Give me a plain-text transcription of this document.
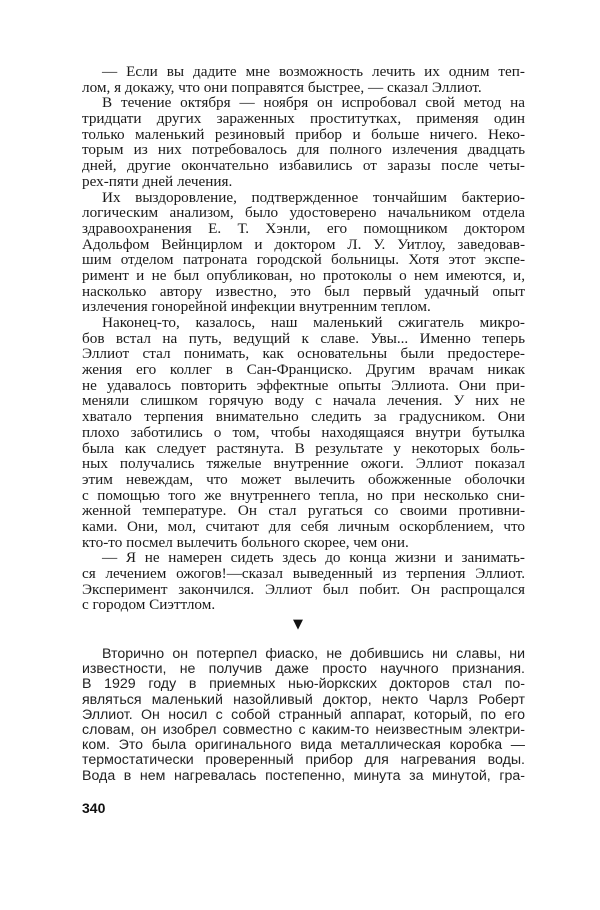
— Если вы дадите мне возможность лечить их одним теп-
лом, я докажу, что они поправятся быстрее, — сказал Эллиот.
В течение октября — ноября он испробовал свой метод на
тридцати других зараженных проститутках, применяя один
только маленький резиновый прибор и больше ничего. Неко-
торым из них потребовалось для полного излечения двадцать
дней, другие окончательно избавились от заразы после четы-
рех-пяти дней лечения.
Их выздоровление, подтвержденное тончайшим бактерио-
логическим анализом, было удостоверено начальником отдела
здравоохранения Е. Т. Хэнли, его помощником доктором
Адольфом Вейнцирлом и доктором Л. У. Уитлоу, заведовав-
шим отделом патроната городской больницы. Хотя этот экспе-
римент и не был опубликован, но протоколы о нем имеются, и,
насколько автору известно, это был первый удачный опыт
излечения гонорейной инфекции внутренним теплом.
Наконец-то, казалось, наш маленький сжигатель микро-
бов встал на путь, ведущий к славе. Увы... Именно теперь
Эллиот стал понимать, как основательны были предостере-
жения его коллег в Сан-Франциско. Другим врачам никак
не удавалось повторить эффектные опыты Эллиота. Они при-
меняли слишком горячую воду с начала лечения. У них не
хватало терпения внимательно следить за градусником. Они
плохо заботились о том, чтобы находящаяся внутри бутылка
была как следует растянута. В результате у некоторых боль-
ных получались тяжелые внутренние ожоги. Эллиот показал
этим невеждам, что может вылечить обожженные оболочки
с помощью того же внутреннего тепла, но при несколько сни-
женной температуре. Он стал ругаться со своими противни-
ками. Они, мол, считают для себя личным оскорблением, что
кто-то посмел вылечить больного скорее, чем они.
— Я не намерен сидеть здесь до конца жизни и занимать-
ся лечением ожогов!—сказал выведенный из терпения Эллиот.
Эксперимент закончился. Эллиот был побит. Он распрощался
с городом Сиэттлом.
▼
Вторично он потерпел фиаско, не добившись ни славы, ни
известности, не получив даже просто научного признания.
В 1929 году в приемных нью-йоркских докторов стал по-
являться маленький назойливый доктор, некто Чарлз Роберт
Эллиот. Он носил с собой странный аппарат, который, по его
словам, он изобрел совместно с каким-то неизвестным электри-
ком. Это была оригинального вида металлическая коробка —
термостатически проверенный прибор для нагревания воды.
Вода в нем нагревалась постепенно, минута за минутой, гра-
340
